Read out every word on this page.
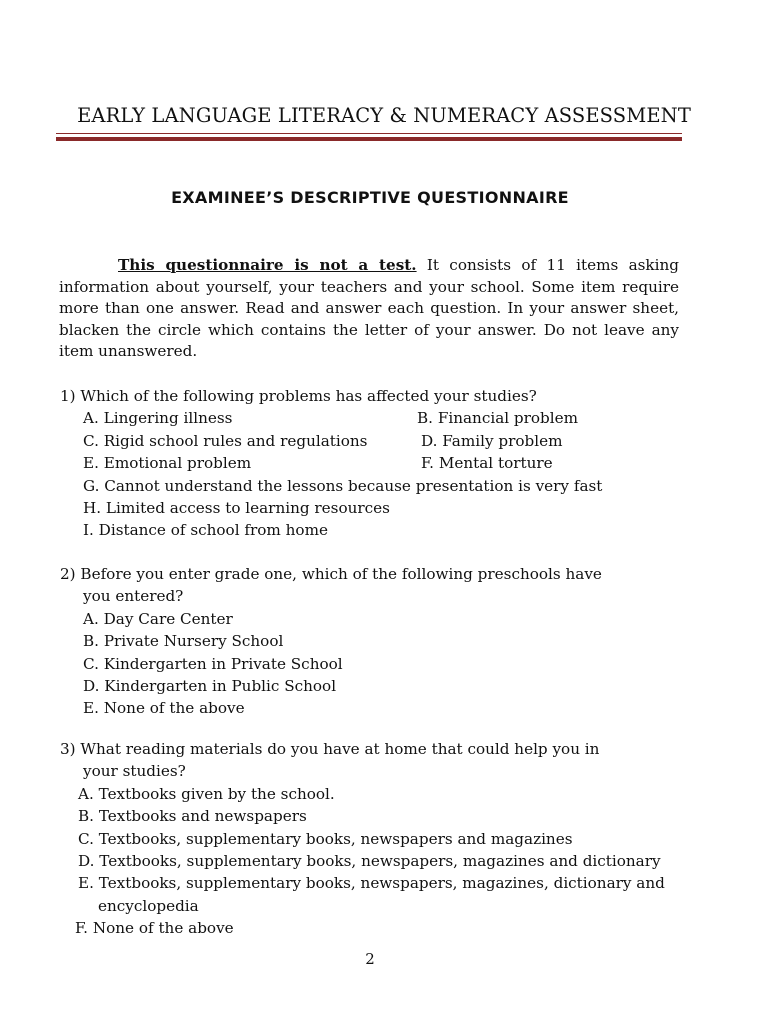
EARLY LANGUAGE LITERACY & NUMERACY ASSESSMENT
EXAMINEE’S DESCRIPTIVE QUESTIONNAIRE
This questionnaire is not a test. It consists of 11 items asking information about yourself, your teachers and your school. Some item require more than one answer. Read and answer each question. In your answer sheet, blacken the circle which contains the letter of your answer. Do not leave any item unanswered.
1) Which of the following problems has affected your studies?
A. Lingering illness	B. Financial problem
C. Rigid school rules and regulations	D. Family problem
E. Emotional problem	F. Mental torture
G. Cannot understand the lessons because presentation is very fast
H. Limited access to learning resources
I. Distance of school from home
2) Before you enter grade one, which of the following preschools have
you entered?
A. Day Care Center
B. Private Nursery School
C. Kindergarten in Private School
D. Kindergarten in Public School
E. None of the above
3) What reading materials do you have at home that could help you in
your studies?
A. Textbooks given by the school.
B. Textbooks and newspapers
C. Textbooks, supplementary books, newspapers and magazines
D. Textbooks, supplementary books, newspapers, magazines and dictionary
E. Textbooks, supplementary books, newspapers, magazines, dictionary and
encyclopedia
F. None of the above
2
